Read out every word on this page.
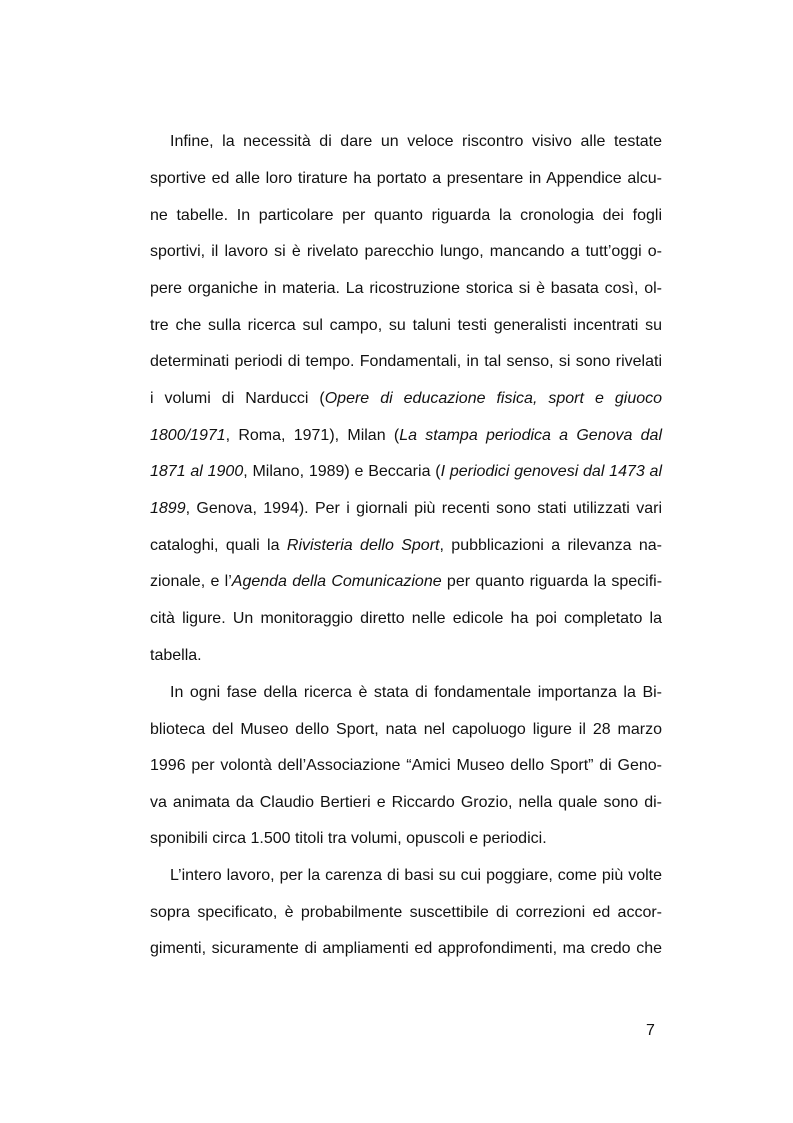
Infine, la necessità di dare un veloce riscontro visivo alle testate
sportive ed alle loro tirature ha portato a presentare in Appendice alcu-
ne tabelle. In particolare per quanto riguarda la cronologia dei fogli
sportivi, il lavoro si è rivelato parecchio lungo, mancando a tutt’oggi o-
pere organiche in materia. La ricostruzione storica si è basata così, ol-
tre che sulla ricerca sul campo, su taluni testi generalisti incentrati su
determinati periodi di tempo. Fondamentali, in tal senso, si sono rivelati
i volumi di Narducci (Opere di educazione fisica, sport e giuoco
1800/1971, Roma, 1971), Milan (La stampa periodica a Genova dal
1871 al 1900, Milano, 1989) e Beccaria (I periodici genovesi dal 1473 al
1899, Genova, 1994). Per i giornali più recenti sono stati utilizzati vari
cataloghi, quali la Rivisteria dello Sport, pubblicazioni a rilevanza na-
zionale, e l’Agenda della Comunicazione per quanto riguarda la specifi-
cità ligure. Un monitoraggio diretto nelle edicole ha poi completato la
tabella.
In ogni fase della ricerca è stata di fondamentale importanza la Bi-
blioteca del Museo dello Sport, nata nel capoluogo ligure il 28 marzo
1996 per volontà dell’Associazione “Amici Museo dello Sport” di Geno-
va animata da Claudio Bertieri e Riccardo Grozio, nella quale sono di-
sponibili circa 1.500 titoli tra volumi, opuscoli e periodici.
L’intero lavoro, per la carenza di basi su cui poggiare, come più volte
sopra specificato, è probabilmente suscettibile di correzioni ed accor-
gimenti, sicuramente di ampliamenti ed approfondimenti, ma credo che
7
